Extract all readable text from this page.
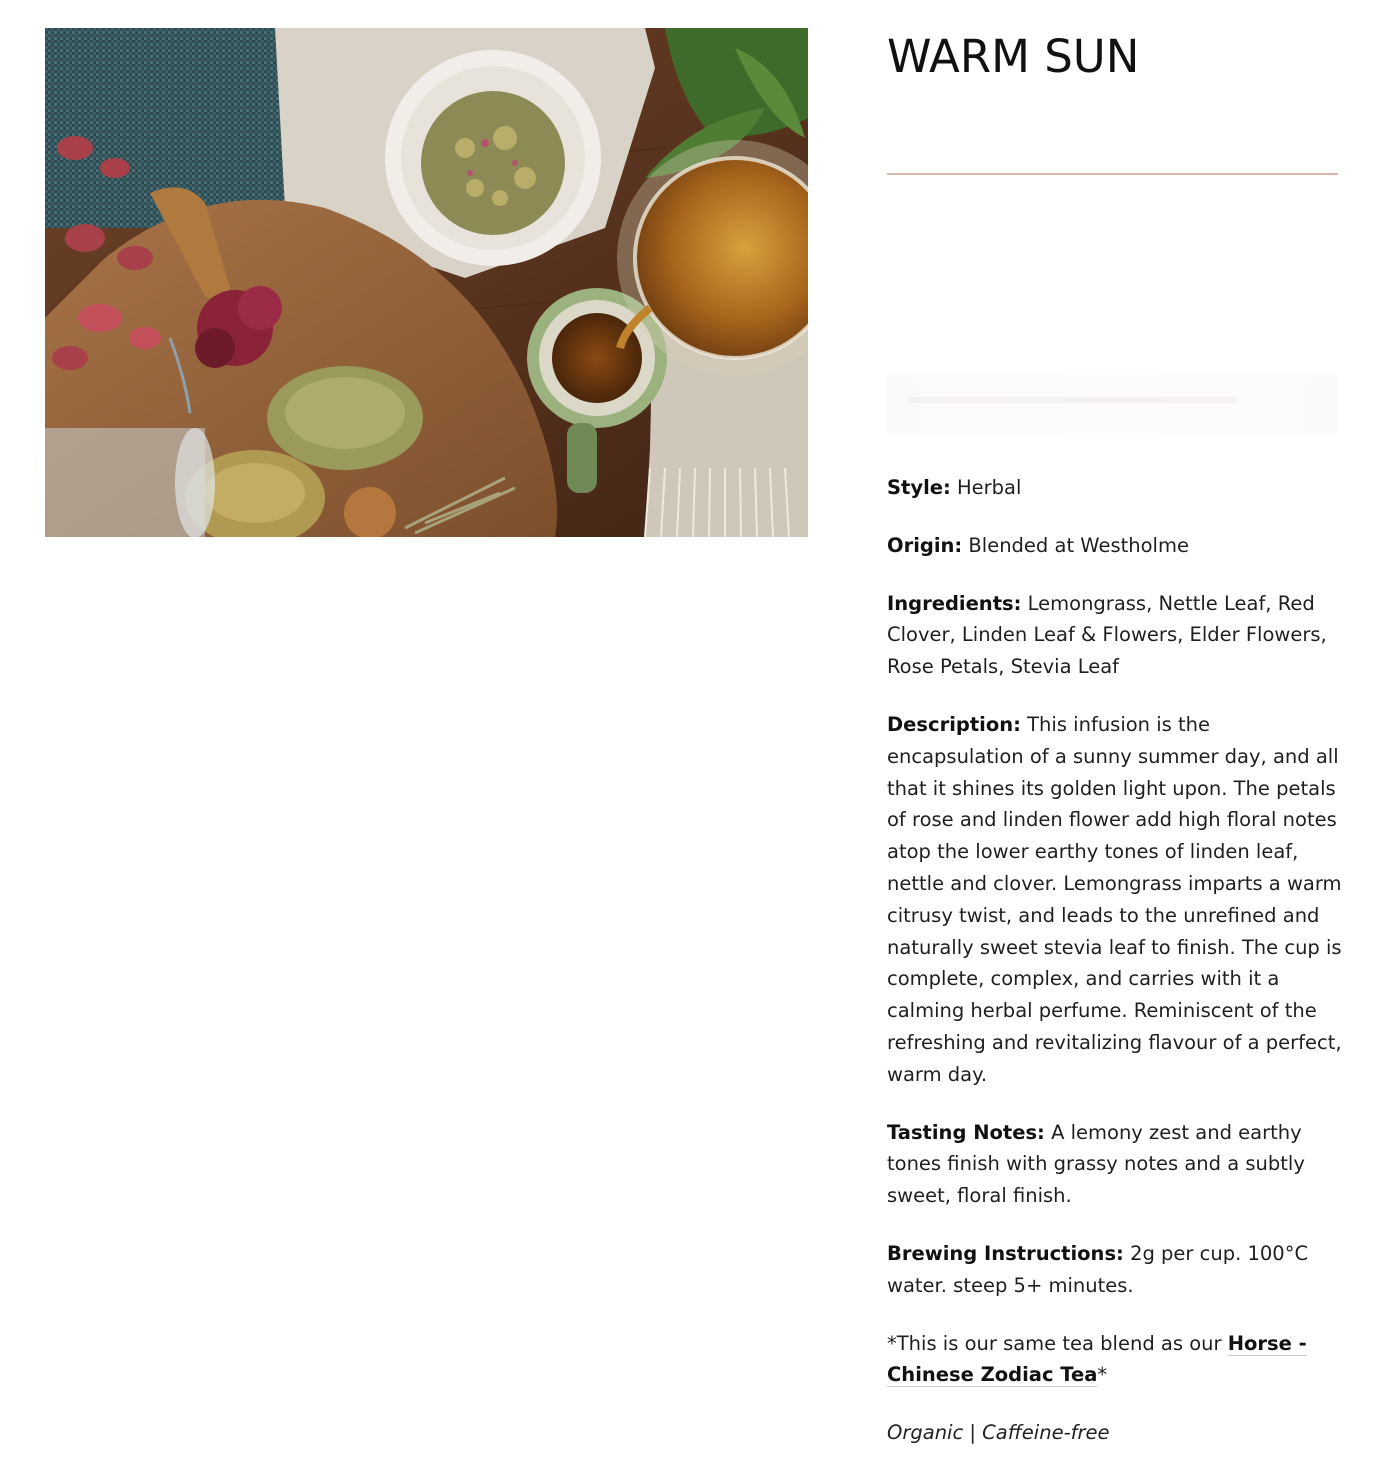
WARM SUN

Style: Herbal

Origin: Blended at Westholme

Ingredients: Lemongrass, Nettle Leaf, Red Clover, Linden Leaf & Flowers, Elder Flowers, Rose Petals, Stevia Leaf

Description: This infusion is the encapsulation of a sunny summer day, and all that it shines its golden light upon. The petals of rose and linden flower add high floral notes atop the lower earthy tones of linden leaf, nettle and clover. Lemongrass imparts a warm citrusy twist, and leads to the unrefined and naturally sweet stevia leaf to finish. The cup is complete, complex, and carries with it a calming herbal perfume. Reminiscent of the refreshing and revitalizing flavour of a perfect, warm day.

Tasting Notes: A lemony zest and earthy tones finish with grassy notes and a subtly sweet, floral finish.

Brewing Instructions: 2g per cup. 100°C water. steep 5+ minutes.

*This is our same tea blend as our Horse - Chinese Zodiac Tea*

Organic | Caffeine-free
